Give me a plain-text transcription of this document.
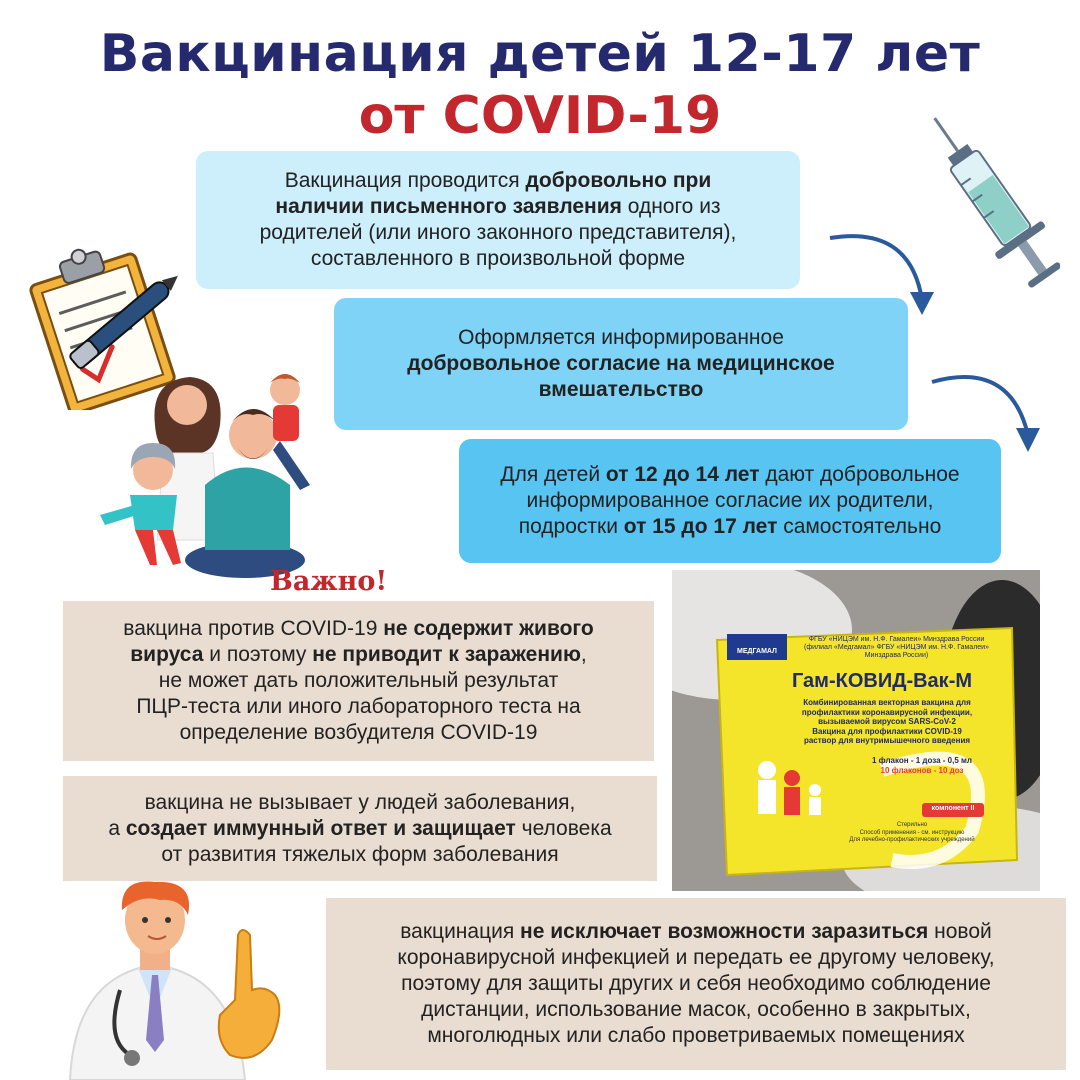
Вакцинация детей 12-17 лет
от COVID-19
Вакцинация проводится добровольно при
наличии письменного заявления одного из
родителей (или иного законного представителя),
составленного в произвольной форме
Оформляется информированное
добровольное согласие на медицинское
вмешательство
Для детей от 12 до 14 лет дают добровольное
информированное согласие их родители,
подростки от 15 до 17 лет самостоятельно
Важно!
вакцина против COVID-19 не содержит живого
вируса и поэтому не приводит к заражению,
не может дать положительный результат
ПЦР-теста или иного лабораторного теста на
определение возбудителя COVID-19
вакцина не вызывает у людей заболевания,
а создает иммунный ответ и защищает человека
от развития тяжелых форм заболевания
вакцинация не исключает возможности заразиться новой
коронавирусной инфекцией и передать ее другому человеку,
поэтому для защиты других и себя необходимо соблюдение
дистанции, использование масок, особенно в закрытых,
многолюдных или слабо проветриваемых помещениях
ФГБУ «НИЦЭМ им. Н.Ф. Гамалеи» Минздрава России
(филиал «Медгамал» ФГБУ «НИЦЭМ им. Н.Ф. Гамалеи»
Минздрава России)
МЕДГАМАЛ
Гам-КОВИД-Вак-М
Комбинированная векторная вакцина для
профилактики коронавирусной инфекции,
вызываемой вирусом SARS-CoV-2
Вакцина для профилактики COVID-19
раствор для внутримышечного введения
1 флакон - 1 доза - 0,5 мл
10 флаконов - 10 доз
компонент II
Стерильно
Способ применения - см. инструкцию
Для лечебно-профилактических учреждений
